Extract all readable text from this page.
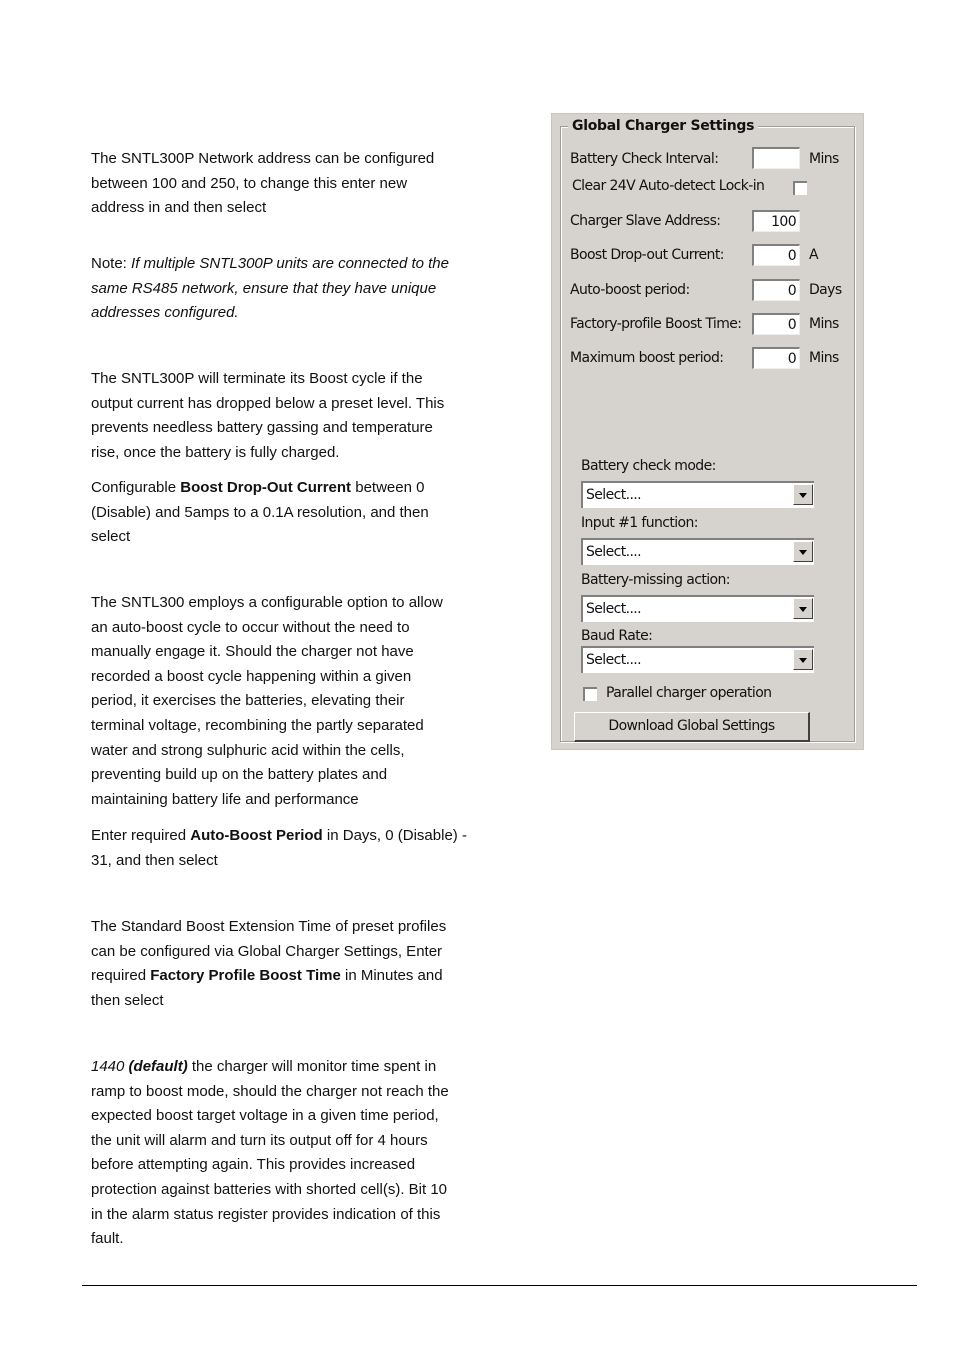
The SNTL300P Network address can be configured
between 100 and 250, to change this enter new
address in and then select
Note: If multiple SNTL300P units are connected to the
same RS485 network, ensure that they have unique
addresses configured.
The SNTL300P will terminate its Boost cycle if the
output current has dropped below a preset level. This
prevents needless battery gassing and temperature
rise, once the battery is fully charged.
Configurable Boost Drop-Out Current between 0
(Disable) and 5amps to a 0.1A resolution, and then
select
The SNTL300 employs a configurable option to allow
an auto-boost cycle to occur without the need to
manually engage it. Should the charger not have
recorded a boost cycle happening within a given
period, it exercises the batteries, elevating their
terminal voltage, recombining the partly separated
water and strong sulphuric acid within the cells,
preventing build up on the battery plates and
maintaining battery life and performance
Enter required Auto-Boost Period in Days, 0 (Disable) -
31, and then select
The Standard Boost Extension Time of preset profiles
can be configured via Global Charger Settings, Enter
required Factory Profile Boost Time in Minutes and
then select
1440 (default) the charger will monitor time spent in
ramp to boost mode, should the charger not reach the
expected boost target voltage in a given time period,
the unit will alarm and turn its output off for 4 hours
before attempting again. This provides increased
protection against batteries with shorted cell(s). Bit 10
in the alarm status register provides indication of this
fault.
Global Charger Settings
Battery Check Interval:	Mins
Clear 24V Auto-detect Lock-in
Charger Slave Address:	100
Boost Drop-out Current:	0 A
Auto-boost period:	0 Days
Factory-profile Boost Time:	0 Mins
Maximum boost period:	0 Mins
Battery check mode:
Select....
Input #1 function:
Select....
Battery-missing action:
Select....
Baud Rate:
Select....
Parallel charger operation
Download Global Settings
